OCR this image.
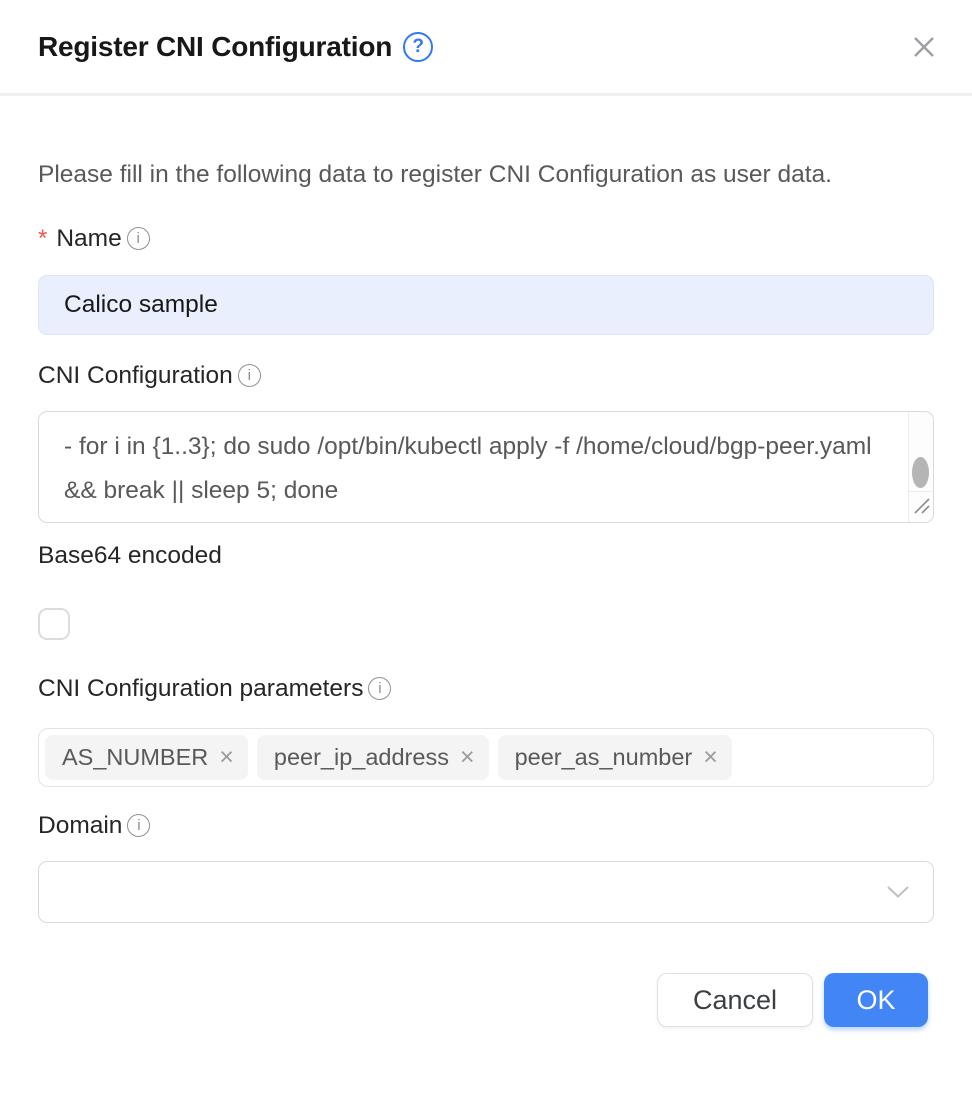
Register CNI Configuration	?

Please fill in the following data to register CNI Configuration as user data.

* Name i
Calico sample
CNI Configuration i
- for i in {1..3}; do sudo /opt/bin/kubectl apply -f /home/cloud/bgp-peer.yaml && break || sleep 5; done
Base64 encoded
CNI Configuration parameters i
AS_NUMBER × peer_ip_address × peer_as_number ×
Domain i
Cancel	OK
